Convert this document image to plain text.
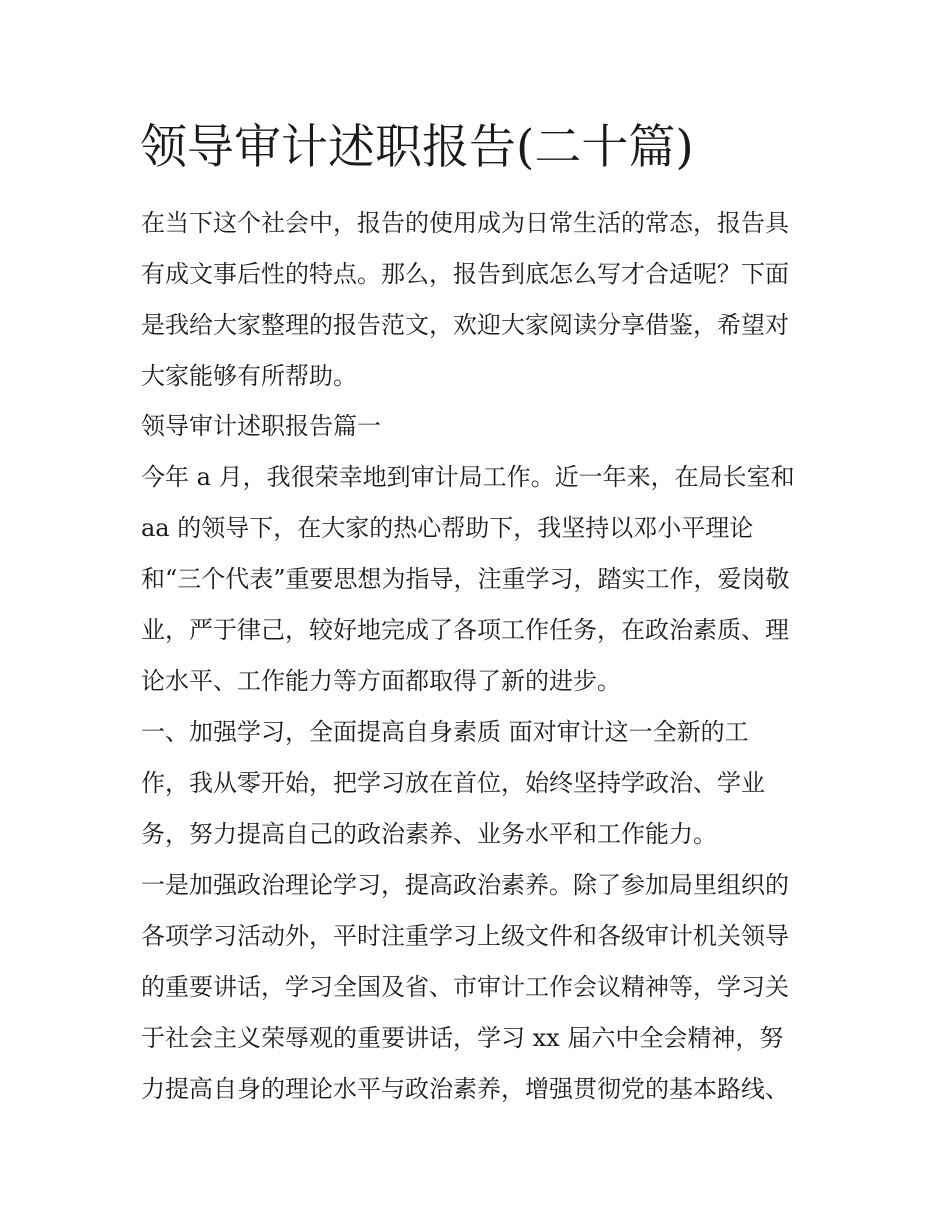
领导审计述职报告(二十篇)

在当下这个社会中，报告的使用成为日常生活的常态，报告具

有成文事后性的特点。那么，报告到底怎么写才合适呢？下面

是我给大家整理的报告范文，欢迎大家阅读分享借鉴，希望对

大家能够有所帮助。

领导审计述职报告篇一

今年 a 月，我很荣幸地到审计局工作。近一年来，在局长室和

aa 的领导下，在大家的热心帮助下，我坚持以邓小平理论

和“三个代表”重要思想为指导，注重学习，踏实工作，爱岗敬

业，严于律己，较好地完成了各项工作任务，在政治素质、理

论水平、工作能力等方面都取得了新的进步。

一、加强学习，全面提高自身素质 面对审计这一全新的工

作，我从零开始，把学习放在首位，始终坚持学政治、学业

务，努力提高自己的政治素养、业务水平和工作能力。

一是加强政治理论学习，提高政治素养。除了参加局里组织的

各项学习活动外，平时注重学习上级文件和各级审计机关领导

的重要讲话，学习全国及省、市审计工作会议精神等，学习关

于社会主义荣辱观的重要讲话，学习 xx 届六中全会精神，努

力提高自身的理论水平与政治素养，增强贯彻党的基本路线、
